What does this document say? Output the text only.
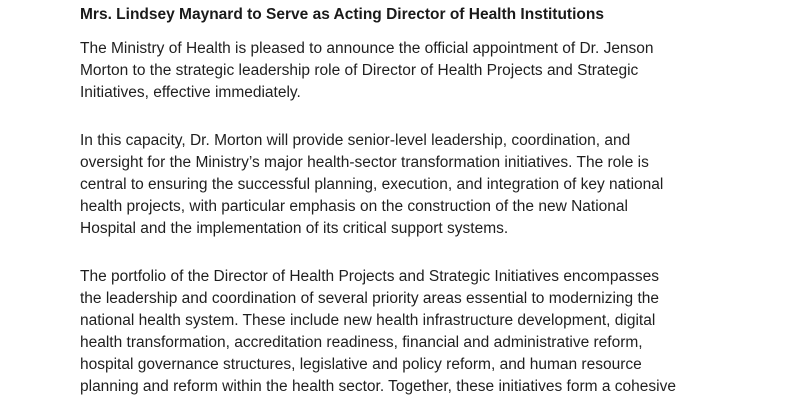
Mrs. Lindsey Maynard to Serve as Acting Director of Health Institutions

The Ministry of Health is pleased to announce the official appointment of Dr. Jenson
Morton to the strategic leadership role of Director of Health Projects and Strategic
Initiatives, effective immediately.

In this capacity, Dr. Morton will provide senior-level leadership, coordination, and
oversight for the Ministry’s major health-sector transformation initiatives. The role is
central to ensuring the successful planning, execution, and integration of key national
health projects, with particular emphasis on the construction of the new National
Hospital and the implementation of its critical support systems.

The portfolio of the Director of Health Projects and Strategic Initiatives encompasses
the leadership and coordination of several priority areas essential to modernizing the
national health system. These include new health infrastructure development, digital
health transformation, accreditation readiness, financial and administrative reform,
hospital governance structures, legislative and policy reform, and human resource
planning and reform within the health sector. Together, these initiatives form a cohesive
